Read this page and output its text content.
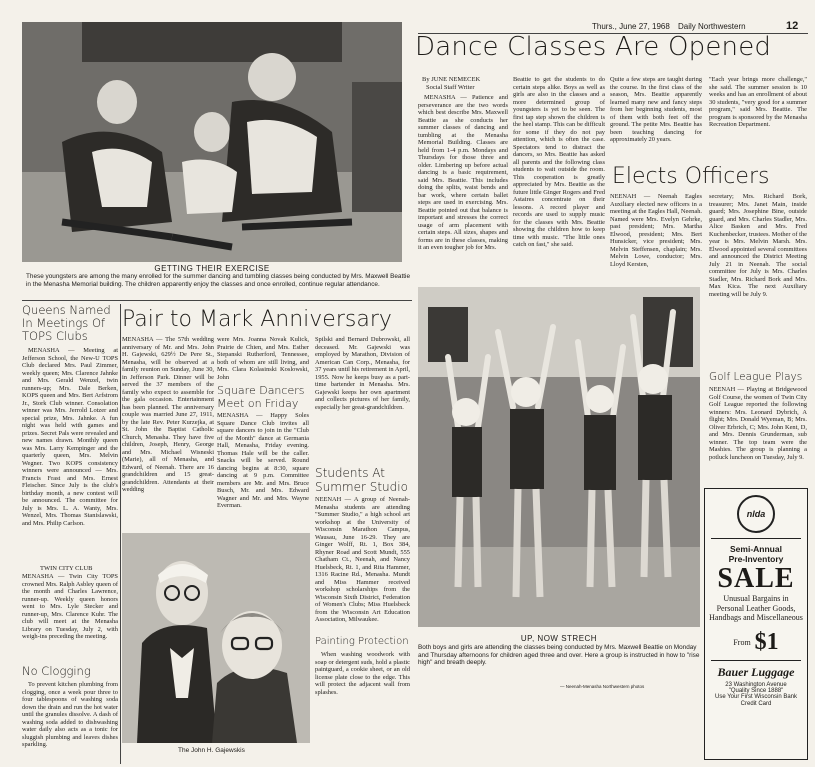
Thurs., June 27, 1968 Daily Northwestern	12
GETTING THEIR EXERCISE
These youngsters are among the many enrolled for the summer dancing and tumbling classes being conducted by Mrs. Maxwell Beattie in the Menasha Memorial building. The children apparently enjoy the classes and once enrolled, continue regular attendance.
Dance Classes Are Opened
By JUNE NEMECEK
Social Staff Writer
MENASHA — Patience and perseverance are the two words which best describe Mrs. Maxwell Beattie as she conducts her summer classes of dancing and tumbling at the Menasha Memorial Building. Classes are held from 1-4 p.m. Mondays and Thursdays for those three and older. Limbering up before actual dancing is a basic requirement, said Mrs. Beattie. This includes doing the splits, waist bends and bar work, where certain ballet steps are used in exercising. Mrs. Beattie pointed out that balance is important and stresses the correct usage of arm placement with certain steps. All sizes, shapes and forms are in these classes, making it an even tougher job for Mrs.
Beattie to get the students to do certain steps alike. Boys as well as girls are also in the classes and a more determined group of youngsters is yet to be seen. The first tap step shown the children is the heel stamp. This can be difficult for some if they do not pay attention, which is often the case. Spectators tend to distract the dancers, so Mrs. Beattie has asked all parents and the following class students to wait outside the room. This cooperation is greatly appreciated by Mrs. Beattie as the future little Ginger Rogers and Fred Astaires concentrate on their lessons. A record player and records are used to supply music for the classes with Mrs. Beattie showing the children how to keep time with music. "The little ones catch on fast," she said.
Quite a few steps are taught during the course. In the first class of the season, Mrs. Beattie apparently learned many new and fancy steps from her beginning students, most of them with both feet off the ground. The petite Mrs. Beattie has been teaching dancing for approximately 20 years.
"Each year brings more challenge," she said. The summer session is 10 weeks and has an enrollment of about 30 students, "very good for a summer program," said Mrs. Beattie. The program is sponsored by the Menasha Recreation Department.
Elects Officers
NEENAH — Neenah Eagles Auxiliary elected new officers in a meeting at the Eagles Hall, Neenah. Named were Mrs. Evelyn Gehrke, past president; Mrs. Martha Elwood, president; Mrs. Bert Hunsicker, vice president; Mrs. Melvin Steffensen, chaplain; Mrs. Melvin Lowe, conductor; Mrs. Lloyd Kersten,
secretary; Mrs. Richard Bork, treasurer; Mrs. Janet Main, inside guard; Mrs. Josephine Bine, outside guard, and Mrs. Charles Stadler, Mrs. Alice Basken and Mrs. Fred Kuchenbecker, trustees. Mother of the year is Mrs. Melvin Marsh. Mrs. Elwood appointed several committees and announced the District Meeting July 21 in Neenah. The social committee for July is Mrs. Charles Stadler, Mrs. Richard Bork and Mrs. Max Kica. The next Auxiliary meeting will be July 9.
Golf League Plays
NEENAH — Playing at Bridgewood Golf Course, the women of Twin City Golf League reported the following winners: Mrs. Leonard Dybrich, A flight; Mrs. Donald Wyeman, B; Mrs. Oliver Erbrich, C; Mrs. John Kent, D, and Mrs. Dennis Grunderman, sub winner. The top team were the Mashies. The group is planning a potluck luncheon on Tuesday, July 9.
nlda
Semi-Annual
Pre-Inventory
SALE
Unusual Bargains in Personal Leather Goods, Handbags and Miscellaneous
From $1
Bauer Luggage
23 Washington Avenue
"Quality Since 1888"
Use Your First Wisconsin Bank Credit Card
UP, NOW STRECH
Both boys and girls are attending the classes being conducted by Mrs. Maxwell Beattie on Monday and Thursday afternoons for children aged three and over. Here a group is instructed in how to "rise high" and breath deeply.
— Neenah-Menasha Northwestern photos
Queens Named In Meetings Of TOPS Clubs
MENASHA — Meeting at Jefferson School, the New-U TOPS Club declared Mrs. Paul Zimmer, weekly queen; Mrs. Clarence Jahnke and Mrs. Gerald Wenzel, twin runners-up; Mrs. Dale Berken, KOPS queen and Mrs. Bert Arfstrom Jr., Stork Club winner. Consolation winner was Mrs. Jerrold Lotzer and special prize, Mrs. Jahnke. A fun night was held with games and prizes. Secret Pals were revealed and new names drawn. Monthly queen was Mrs. Larry Kempinger and the quarterly queen, Mrs. Melvin Wegner. Two KOPS consistency winners were announced — Mrs. Francis Frast and Mrs. Ernest Fleischer. Since July is the club's birthday month, a new contest will be announced. The committee for July is Mrs. L. A. Wanty, Mrs. Wenzel, Mrs. Thomas Stanislawski, and Mrs. Philip Carlson.
TWIN CITY CLUB
MENASHA — Twin City TOPS crowned Mrs. Ralph Asbley queen of the month and Charles Lawrence, runner-up. Weekly queen honors went to Mrs. Lyle Stecker and runner-up, Mrs. Clarence Kuhr. The club will meet at the Menasha Library on Tuesday, July 2, with weigh-ins preceding the meeting.
No Clogging
To prevent kitchen plumbing from clogging, once a week pour three to four tablespoons of washing soda down the drain and run the hot water until the granules dissolve. A dash of washing soda added to dishwashing water daily also acts as a tonic for sluggish plumbing and leaves dishes sparkling.
Pair to Mark Anniversary
MENASHA — The 57th wedding anniversary of Mr. and Mrs. John H. Gajewski, 629½ De Pere St., Menasha, will be observed at a family reunion on Sunday, June 30, in Jefferson Park. Dinner will be served the 37 members of the family who expect to assemble for the gala occasion. Entertainment has been planned. The anniversary couple was married June 27, 1911, by the late Rev. Peter Kurzejka, at St. John the Baptist Catholic Church, Menasha. They have five children, Joseph, Henry, George and Mrs. Michael Wisneski (Marie), all of Menasha, and Edward, of Neenah. There are 16 grandchildren and 15 great-grandchildren. Attendants at their wedding
were Mrs. Joanna Novak Kulick, Prairie de Chien, and Mrs. Esther Stepanski Rutherford, Tennessee, both of whom are still living, and Mrs. Clara Kolasinski Koslowski, John
Spilski and Bernard Dubrowski, all deceased. Mr. Gajewski was employed by Marathon, Division of American Can Corp., Menasha, for 37 years until his retirement in April, 1955. Now he keeps busy as a part-time bartender in Menasha. Mrs. Gajewski keeps her own apartment and collects pictures of her family, especially her great-grandchildren.
Square Dancers Meet on Friday
MENASHA — Happy Soles Square Dance Club invites all square dancers to join in the "Club of the Month" dance at Germania Hall, Menasha, Friday evening. Thomas Hale will be the caller. Snacks will be served. Round dancing begins at 8:30, square dancing at 9 p.m. Committee members are Mr. and Mrs. Bruce Busch, Mr. and Mrs. Edward Wagner and Mr. and Mrs. Wayne Everman.
The John H. Gajewskis
Students At Summer Studio
NEENAH — A group of Neenah-Menasha students are attending "Summer Studio," a high school art workshop at the University of Wisconsin Marathon Campus, Wausau, June 16-29. They are Ginger Wolff, Rt. 1, Box 384, Rhyner Road and Scott Mundt, 555 Chatham Ct., Neenah, and Nancy Huelsbeck, Rt. 1, and Rita Hammer, 1316 Racine Rd., Menasha. Mundt and Miss Hammer received workshop scholarships from the Wisconsin Sixth District, Federation of Women's Clubs; Miss Huelsbeck from the Wisconsin Art Education Association, Milwaukee.
Painting Protection
When washing woodwork with soap or detergent suds, hold a plastic paintguard, a cookie sheet, or an old license plate close to the edge. This will protect the adjacent wall from splashes.
